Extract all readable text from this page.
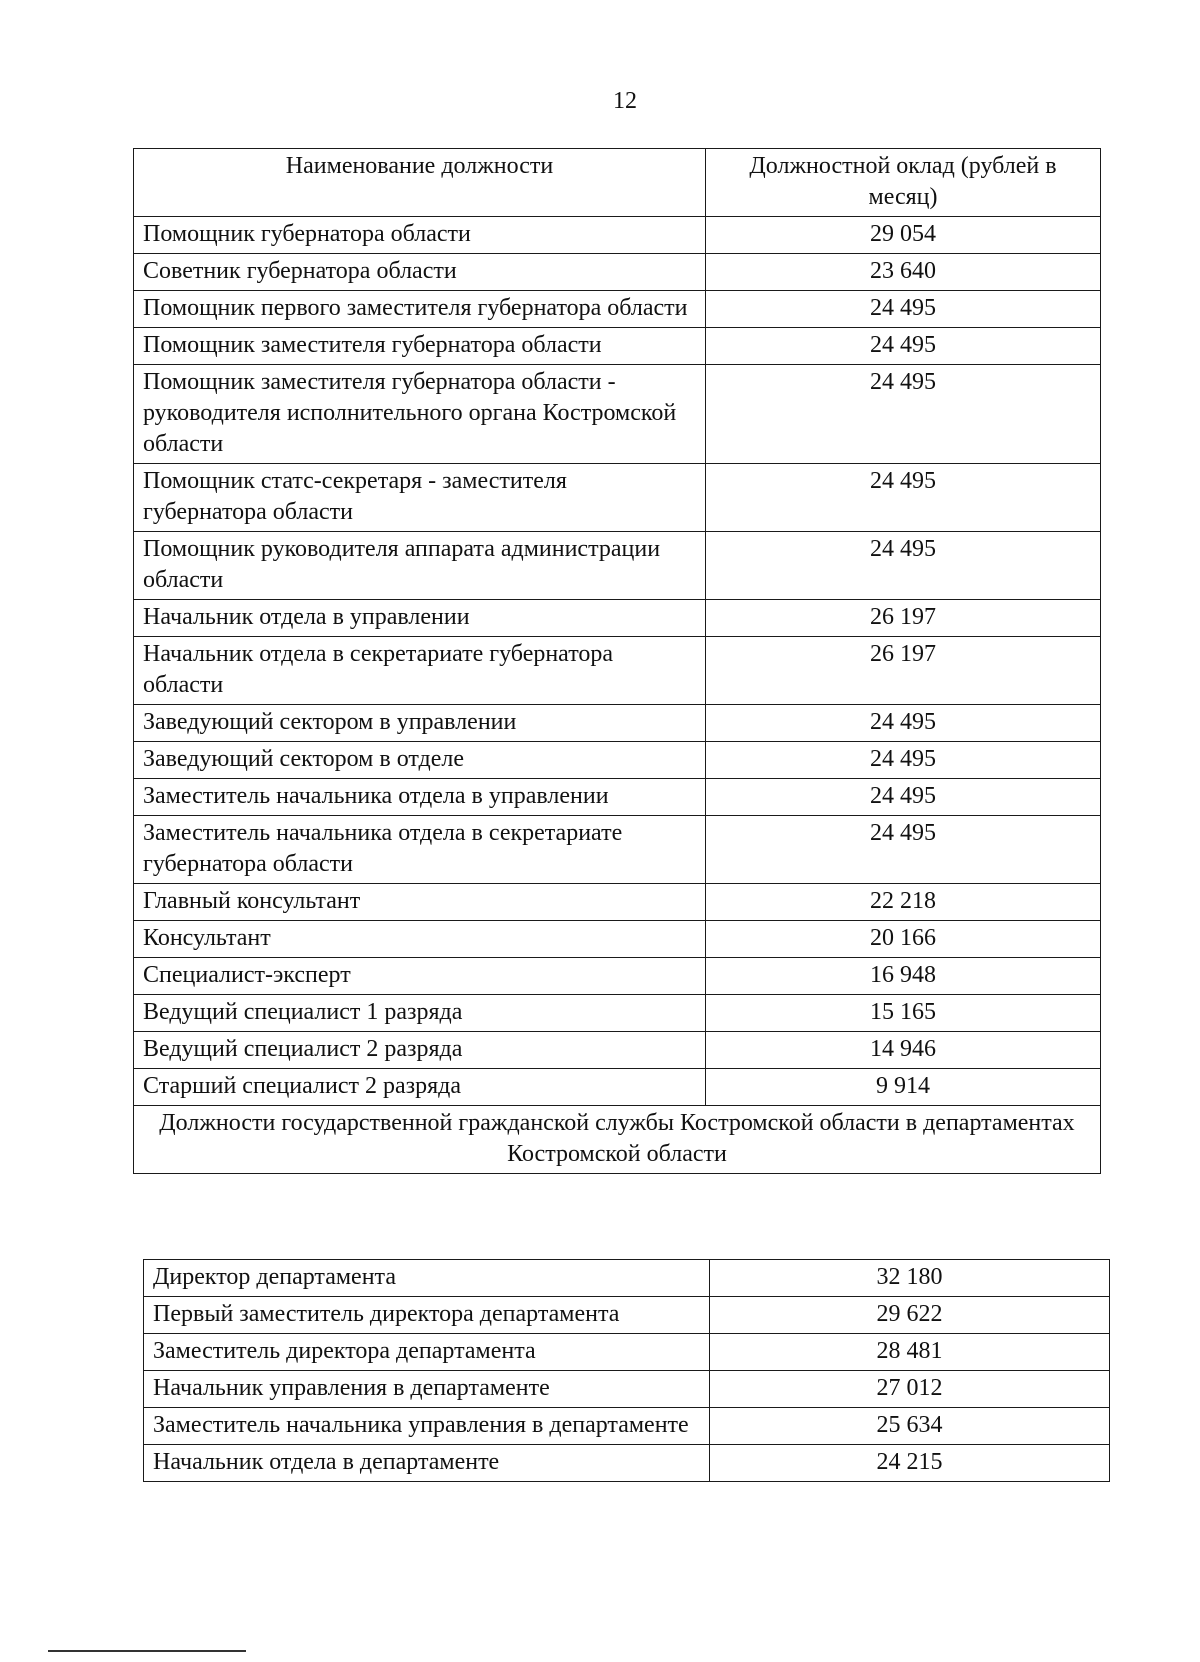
12
Наименование должности	Должностной оклад (рублей в месяц)
Помощник губернатора области	29 054
Советник губернатора области	23 640
Помощник первого заместителя губернатора области	24 495
Помощник заместителя губернатора области	24 495
Помощник заместителя губернатора области - руководителя исполнительного органа Костромской области	24 495
Помощник статс-секретаря - заместителя губернатора области	24 495
Помощник руководителя аппарата администрации области	24 495
Начальник отдела в управлении	26 197
Начальник отдела в секретариате губернатора области	26 197
Заведующий сектором в управлении	24 495
Заведующий сектором в отделе	24 495
Заместитель начальника отдела в управлении	24 495
Заместитель начальника отдела в секретариате губернатора области	24 495
Главный консультант	22 218
Консультант	20 166
Специалист-эксперт	16 948
Ведущий специалист 1 разряда	15 165
Ведущий специалист 2 разряда	14 946
Старший специалист 2 разряда	9 914
Должности государственной гражданской службы Костромской области в департаментах Костромской области	
Директор департамента	32 180
Первый заместитель директора департамента	29 622
Заместитель директора департамента	28 481
Начальник управления в департаменте	27 012
Заместитель начальника управления в департаменте	25 634
Начальник отдела в департаменте	24 215
